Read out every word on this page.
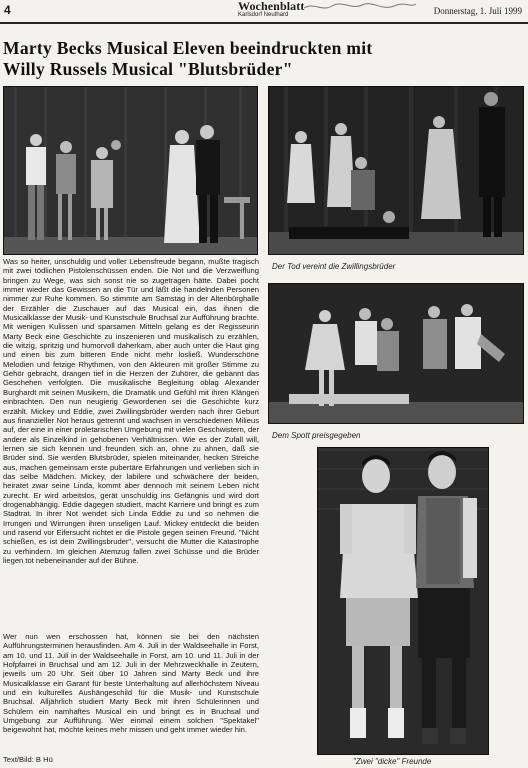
4	Wochenblatt
Karlsdorf Neuthard	Donnerstag, 1. Juli 1999
Marty Becks Musical Eleven beeindruckten mit
Willy Russels Musical "Blutsbrüder"
Der Tod vereint die Zwillingsbrüder
Dem Spott preisgegeben
"Zwei "dicke" Freunde

Was so heiter, unschuldig und voller Lebensfreude begann, mußte tragisch mit zwei tödlichen Pistolenschüssen enden. Die Not und die Verzweiflung bringen zu Wege, was sich sonst nie so zugetragen hätte. Dabei pocht immer wieder das Gewissen an die Tür und läßt die handelnden Personen nimmer zur Ruhe kommen. So stimmte am Samstag in der Altenbürghalle der Erzähler die Zuschauer auf das Musical ein, das ihnen die Musicalklasse der Musik- und Kunstschule Bruchsal zur Aufführung brachte. Mit wenigen Kulissen und sparsamen Mitteln gelang es der Regisseurin Marty Beck eine Geschichte zu inszenieren und musikalisch zu erzählen, die witzig, spritzig und humorvoll daherkam, aber auch unter die Haut ging und einen bis zum bitteren Ende nicht mehr losließ. Wunderschöne Melodien und fetzige Rhythmen, von den Akteuren mit großer Stimme zu Gehör gebracht, drangen tief in die Herzen der Zuhörer, die gebannt das Geschehen verfolgten. Die musikalische Begleitung oblag Alexander Burghardt mit seinen Musikern, die Dramatik und Gefühl mit ihren Klängen einbrachten. Den nun neugierig Gewordenen sei die Geschichte kurz erzählt. Mickey und Eddie, zwei Zwillingsbrüder werden nach ihrer Geburt aus finanzieller Not heraus getrennt und wachsen in verschiedenen Milieus auf, der eine in einer proletarischen Umgebung mit vielen Geschwistern, der andere als Einzelkind in gehobenen Verhältnissen. Wie es der Zufall will, lernen sie sich kennen und freunden sich an, ohne zu ahnen, daß sie Brüder sind. Sie werden Blutsbrüder, spielen miteinander, hecken Streiche aus, machen gemeinsam erste pubertäre Erfahrungen und verlieben sich in das selbe Mädchen. Mickey, der labilere und schwächere der beiden, heiratet zwar seine Linda, kommt aber dennoch mit seinem Leben nicht zurecht. Er wird arbeitslos, gerät unschuldig ins Gefängnis und wird dort drogenabhängig. Eddie dagegen studiert, macht Karriere und bringt es zum Stadtrat. In ihrer Not wendet sich Linda Eddie zu und so nehmen die Irrungen und Wirrungen ihren unseligen Lauf. Mickey entdeckt die beiden und rasend vor Eifersucht richtet er die Pistole gegen seinen Freund. "Nicht schießen, es ist dein Zwillingsbruder", versucht die Mutter die Katastrophe zu verhindern. Im gleichen Atemzug fallen zwei Schüsse und die Brüder liegen tot nebeneinander auf der Bühne.

Wer nun wen erschossen hat, können sie bei den nächsten Aufführungsterminen herausfinden. Am 4. Juli in der Waldseehalle in Forst, am 10. und 11. Juli in der Waldseehalle in Forst, am 10. und 11. Juli in der Hofpfarrei in Bruchsal und am 12. Juli in der Mehrzweckhalle in Zeutern, jeweils um 20 Uhr. Seit über 10 Jahren sind Marty Beck und ihre Musicalklasse ein Garant für beste Unterhaltung auf allerhöchstem Niveau und ein kulturelles Aushängeschild für die Musik- und Kunstschule Bruchsal. Alljährlich studiert Marty Beck mit ihren Schülerinnen und Schülern ein namhaftes Musical ein und bringt es in Bruchsal und Umgebung zur Aufführung. Wer einmal einem solchen "Spektakel" beigewohnt hat, möchte keines mehr missen und geht immer wieder hin.

Text/Bild: B Hü
